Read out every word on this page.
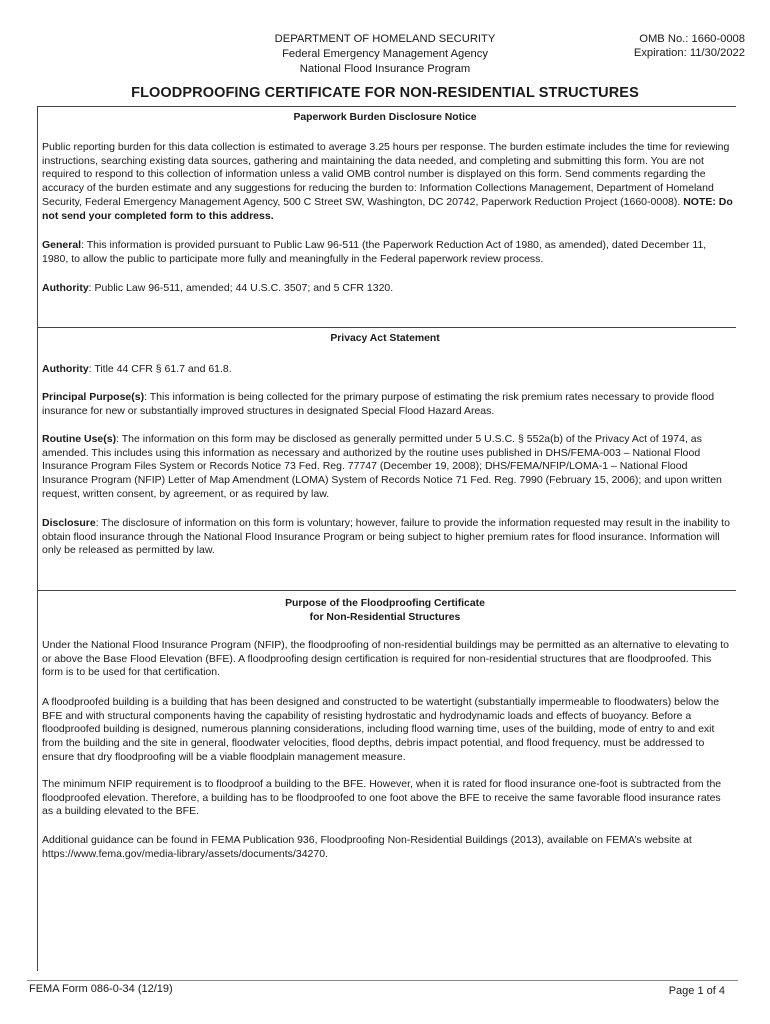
DEPARTMENT OF HOMELAND SECURITY
Federal Emergency Management Agency
National Flood Insurance Program
OMB No.: 1660-0008
Expiration: 11/30/2022
FLOODPROOFING CERTIFICATE FOR NON-RESIDENTIAL STRUCTURES
Paperwork Burden Disclosure Notice

Public reporting burden for this data collection is estimated to average 3.25 hours per response. The burden estimate includes the time for reviewing instructions, searching existing data sources, gathering and maintaining the data needed, and completing and submitting this form. You are not required to respond to this collection of information unless a valid OMB control number is displayed on this form. Send comments regarding the accuracy of the burden estimate and any suggestions for reducing the burden to: Information Collections Management, Department of Homeland Security, Federal Emergency Management Agency, 500 C Street SW, Washington, DC 20742, Paperwork Reduction Project (1660-0008). NOTE: Do not send your completed form to this address.

General: This information is provided pursuant to Public Law 96-511 (the Paperwork Reduction Act of 1980, as amended), dated December 11, 1980, to allow the public to participate more fully and meaningfully in the Federal paperwork review process.

Authority: Public Law 96-511, amended; 44 U.S.C. 3507; and 5 CFR 1320.

Privacy Act Statement

Authority: Title 44 CFR § 61.7 and 61.8.

Principal Purpose(s): This information is being collected for the primary purpose of estimating the risk premium rates necessary to provide flood insurance for new or substantially improved structures in designated Special Flood Hazard Areas.

Routine Use(s): The information on this form may be disclosed as generally permitted under 5 U.S.C. § 552a(b) of the Privacy Act of 1974, as amended. This includes using this information as necessary and authorized by the routine uses published in DHS/FEMA-003 – National Flood Insurance Program Files System or Records Notice 73 Fed. Reg. 77747 (December 19, 2008); DHS/FEMA/NFIP/LOMA-1 – National Flood Insurance Program (NFIP) Letter of Map Amendment (LOMA) System of Records Notice 71 Fed. Reg. 7990 (February 15, 2006); and upon written request, written consent, by agreement, or as required by law.

Disclosure: The disclosure of information on this form is voluntary; however, failure to provide the information requested may result in the inability to obtain flood insurance through the National Flood Insurance Program or being subject to higher premium rates for flood insurance. Information will only be released as permitted by law.

Purpose of the Floodproofing Certificate
for Non-Residential Structures

Under the National Flood Insurance Program (NFIP), the floodproofing of non-residential buildings may be permitted as an alternative to elevating to or above the Base Flood Elevation (BFE). A floodproofing design certification is required for non-residential structures that are floodproofed. This form is to be used for that certification.

A floodproofed building is a building that has been designed and constructed to be watertight (substantially impermeable to floodwaters) below the BFE and with structural components having the capability of resisting hydrostatic and hydrodynamic loads and effects of buoyancy. Before a floodproofed building is designed, numerous planning considerations, including flood warning time, uses of the building, mode of entry to and exit from the building and the site in general, floodwater velocities, flood depths, debris impact potential, and flood frequency, must be addressed to ensure that dry floodproofing will be a viable floodplain management measure.

The minimum NFIP requirement is to floodproof a building to the BFE. However, when it is rated for flood insurance one-foot is subtracted from the floodproofed elevation. Therefore, a building has to be floodproofed to one foot above the BFE to receive the same favorable flood insurance rates as a building elevated to the BFE.

Additional guidance can be found in FEMA Publication 936, Floodproofing Non-Residential Buildings (2013), available on FEMA’s website at https://www.fema.gov/media-library/assets/documents/34270.

FEMA Form 086-0-34 (12/19)	Page 1 of 4
